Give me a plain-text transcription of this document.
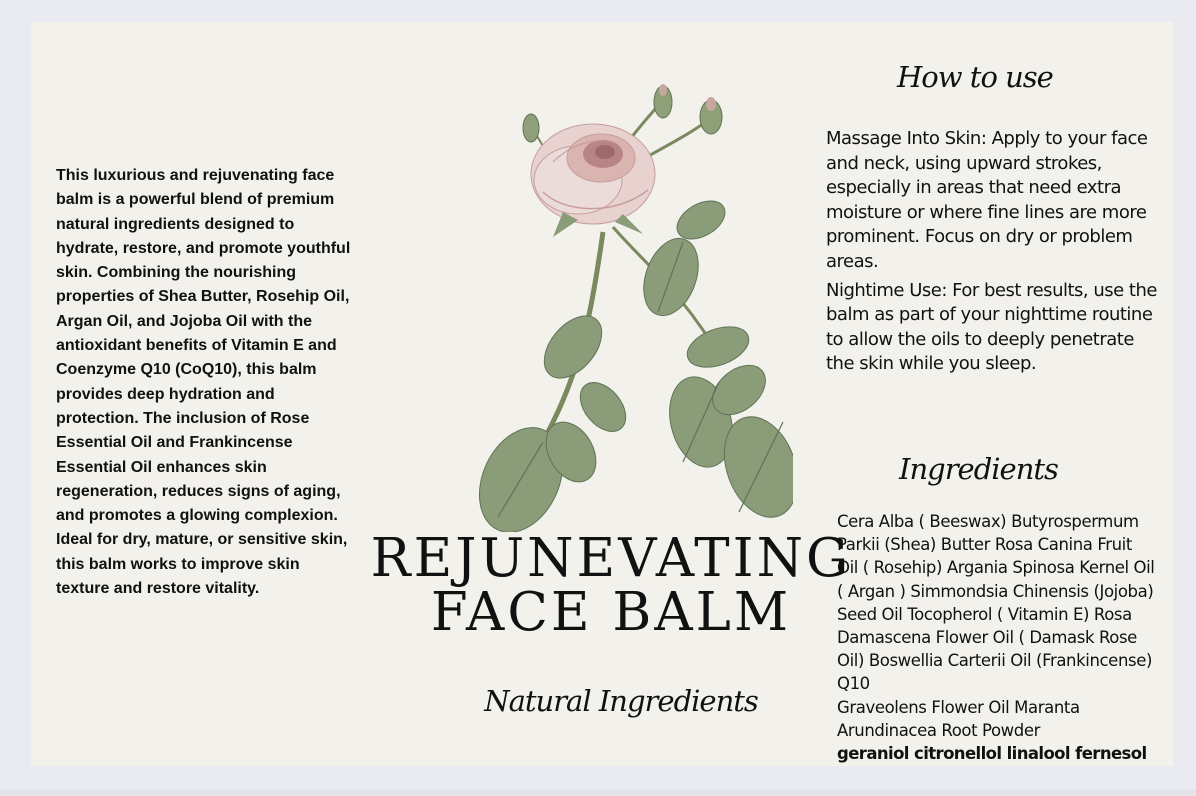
This luxurious and rejuvenating face balm is a powerful blend of premium natural ingredients designed to hydrate, restore, and promote youthful skin. Combining the nourishing properties of Shea Butter, Rosehip Oil, Argan Oil, and Jojoba Oil with the antioxidant benefits of Vitamin E and Coenzyme Q10 (CoQ10), this balm provides deep hydration and protection. The inclusion of Rose Essential Oil and Frankincense Essential Oil enhances skin regeneration, reduces signs of aging, and promotes a glowing complexion. Ideal for dry, mature, or sensitive skin, this balm works to improve skin texture and restore vitality.	REJUNEVATING
FACE BALM
Natural Ingredients
How to use

Massage Into Skin: Apply to your face and neck, using upward strokes, especially in areas that need extra moisture or where fine lines are more prominent. Focus on dry or problem areas.

Nightime Use: For best results, use the balm as part of your nighttime routine to allow the oils to deeply penetrate the skin while you sleep.

Ingredients
Cera Alba ( Beeswax) Butyrospermum Parkii (Shea) Butter Rosa Canina Fruit Oil ( Rosehip) Argania Spinosa Kernel Oil ( Argan ) Simmondsia Chinensis (Jojoba) Seed Oil Tocopherol ( Vitamin E) Rosa Damascena Flower Oil ( Damask Rose Oil) Boswellia Carterii Oil (Frankincense) Q10
Graveolens Flower Oil Maranta Arundinacea Root Powder
geraniol citronellol linalool fernesol
